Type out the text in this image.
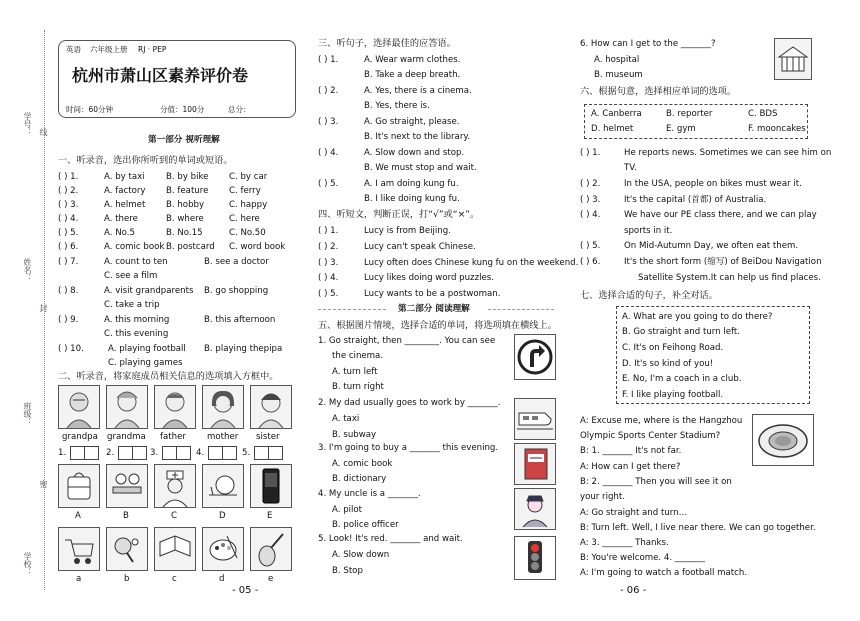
学号： 线
姓名：
封
班级：
密
学校：
英语 六年级上册 RJ · PEP
杭州市萧山区素养评价卷
时间：60分钟	分值：100分	总分：
第一部分 视听理解
一、听录音，选出你所听到的单词或短语。
( ) 1.	A. by taxi B. by bike C. by car
( ) 2.	A. factory B. feature C. ferry
( ) 3.	A. helmet B. hobby	C. happy
( ) 4.	A. there	B. where	C. here
( ) 5.	A. No.5	B. No.15	C. No.50
( ) 6.	A. comic book B. postcard C. word book
( ) 7.	A. count to ten	B. see a doctor
C. see a film
( ) 8.	A. visit grandparents B. go shopping
C. take a trip
( ) 9.	A. this morning	B. this afternoon
C. this evening
( ) 10.	A. playing football B. playing thepipa
C. playing games
二、听录音，将家庭成员相关信息的选项填入方框中。
grandpa grandma father mother sister
1.	2.	3.	4.	5.
A	B	C	D	E
a	b	c	d	e
- 05 -
三、听句子，选择最佳的应答语。
( ) 1.	A. Wear warm clothes.
B. Take a deep breath.
( ) 2.	A. Yes, there is a cinema.
B. Yes, there is.
( ) 3.	A. Go straight, please.
B. It's next to the library.
( ) 4.	A. Slow down and stop.
B. We must stop and wait.
( ) 5.	A. I am doing kung fu.
B. I like doing kung fu.
四、听短文，判断正误，打“√”或“×”。
( ) 1.	Lucy is from Beijing.
( ) 2.	Lucy can't speak Chinese.
( ) 3.	Lucy often does Chinese kung fu on the weekend.
( ) 4.	Lucy likes doing word puzzles.
( ) 5.	Lucy wants to be a postwoman.
第二部分 阅读理解
五、根据图片情境，选择合适的单词，将选项填在横线上。
1. Go straight, then ________. You can see
the cinema.
A. turn left
B. turn right
2. My dad usually goes to work by _______.
A. taxi
B. subway
3. I'm going to buy a _______ this evening.
A. comic book
B. dictionary
4. My uncle is a _______.
A. pilot
B. police officer
5. Look! It's red. _______ and wait.
A. Slow down
B. Stop
6. How can I get to the _______?
A. hospital
B. museum
六、根据句意，选择相应单词的选项。
A. Canberra	B. reporter	C. BDS
D. helmet	E. gym	F. mooncakes
( ) 1.	He reports news. Sometimes we can see him on
TV.
( ) 2.	In the USA, people on bikes must wear it.
( ) 3.	It's the capital (首都) of Australia.
( ) 4.	We have our PE class there, and we can play
sports in it.
( ) 5.	On Mid-Autumn Day, we often eat them.
( ) 6.	It's the short form (缩写) of BeiDou Navigation
Satellite System.It can help us find places.
七、选择合适的句子，补全对话。
A. What are you going to do there?
B. Go straight and turn left.
C. It's on Feihong Road.
D. It's so kind of you!
E. No, I'm a coach in a club.
F. I like playing football.
A: Excuse me, where is the Hangzhou
Olympic Sports Center Stadium?
B: 1. _______ It's not far.
A: How can I get there?
B: 2. _______ Then you will see it on
your right.
A: Go straight and turn…
B: Turn left. Well, I live near there. We can go together.
A: 3. _______ Thanks.
B: You're welcome. 4. _______
A: I'm going to watch a football match.
- 06 -
